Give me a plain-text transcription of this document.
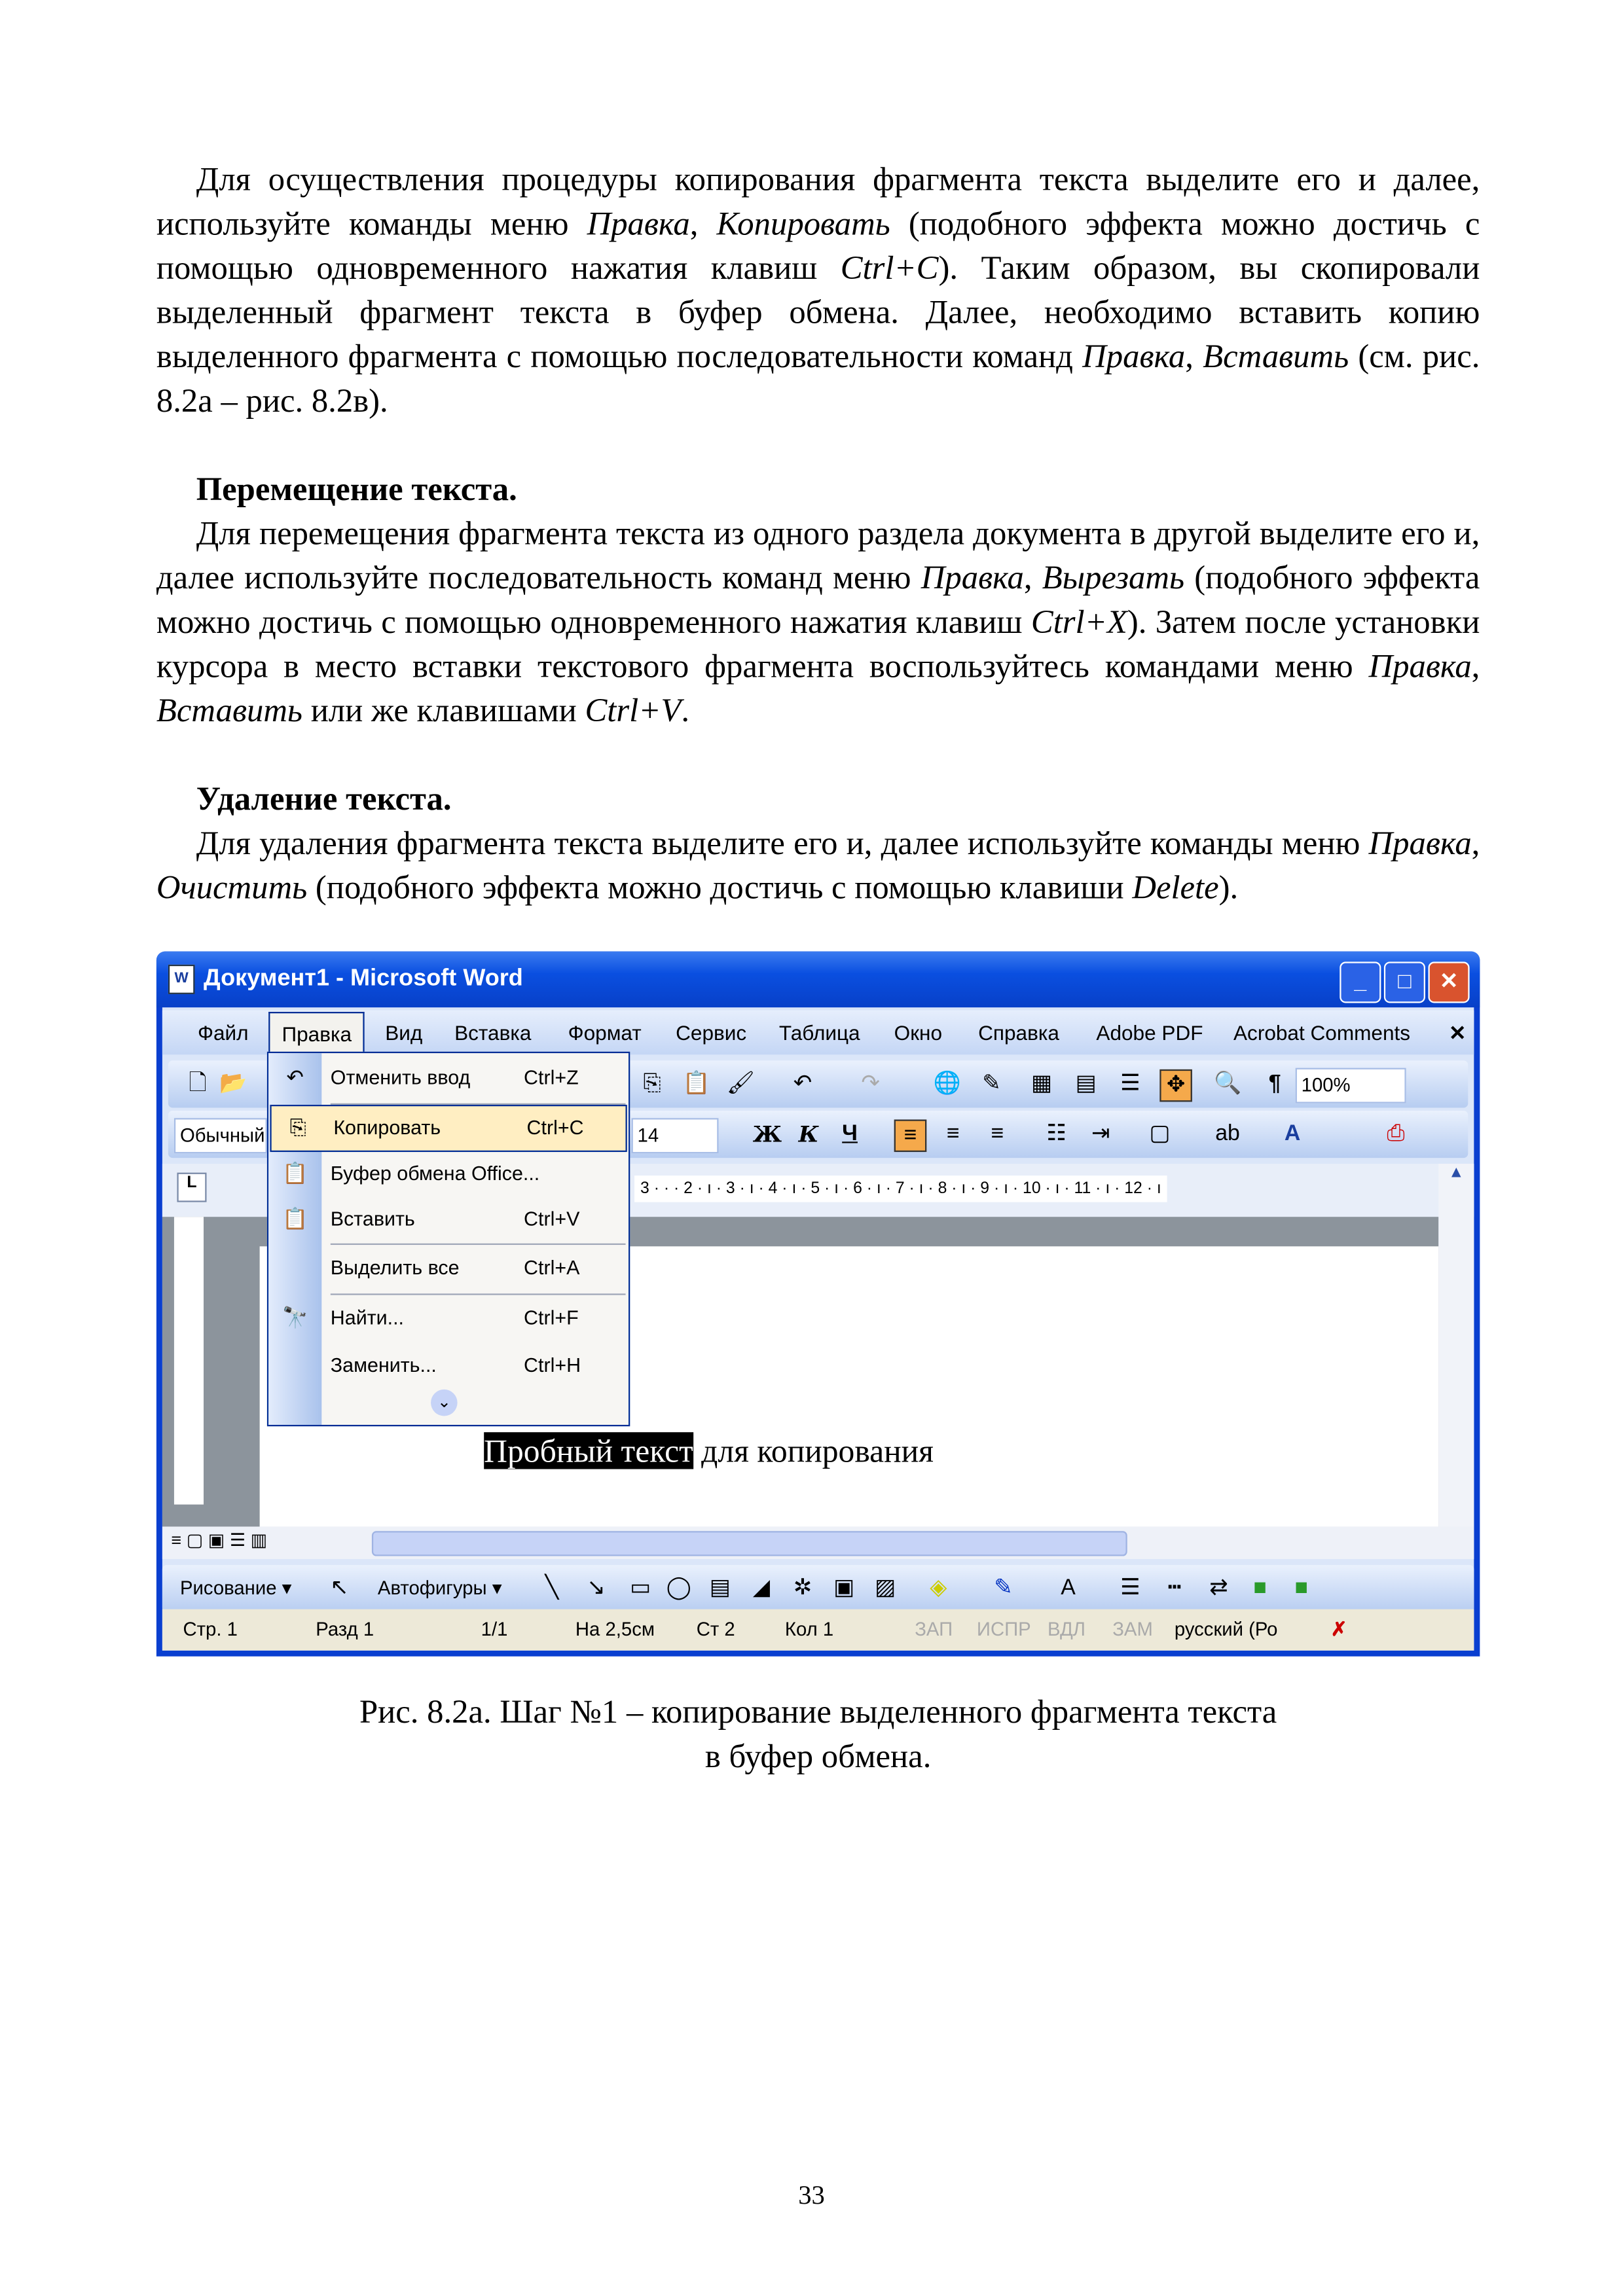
Для осуществления процедуры копирования фрагмента текста выделите его и далее, используйте команды меню Правка, Копировать (подобного эффекта можно достичь с помощью одновременного нажатия клавиш Ctrl+C). Таким образом, вы скопировали выделенный фрагмент текста в буфер обмена. Далее, необходимо вставить копию выделенного фрагмента с помощью последовательности команд Правка, Вставить (см. рис. 8.2а – рис. 8.2в).

Перемещение текста.

Для перемещения фрагмента текста из одного раздела документа в другой выделите его и, далее используйте последовательность команд меню Правка, Вырезать (подобного эффекта можно достичь с помощью одновременного нажатия клавиш Ctrl+X). Затем после установки курсора в место вставки текстового фрагмента воспользуйтесь командами меню Правка, Вставить или же клавишами Ctrl+V.

Удаление текста.

Для удаления фрагмента текста выделите его и, далее используйте команды меню Правка, Очистить (подобного эффекта можно достичь с помощью клавиши Delete).

W	Документ1 - Microsoft Word	_	□	✕
Файл	Правка	Вид	Вставка	Формат	Сервис	Таблица	Окно	Справка	Adobe PDF	Acrobat Comments	✕
🗋	📂	⎘	📋 🖌	↶	↷	🌐	✎	▦	▤	☰	✥	🔍	¶	100%
Обычный	14	Ж	К	Ч	≡	≡	≡	☷	⇥	▢	ab	A	⎙
L	3 · · · 2 · ı · 3 · ı · 4 · ı · 5 · ı · 6 · ı · 7 · ı · 8 · ı · 9 · ı · 10 · ı · 11 · ı · 12 · ı
Пробный текст для копирования
▲
≡ ▢ ▣ ☰ ▥
Рисование ▾	↖	Автофигуры ▾	╲	↘	▭	◯	▤	◢	✲	▣	▨	◈	✎	A	☰	┅	⇄	■	■
Стр. 1	Разд 1	1/1	На 2,5см	Ст 2	Кол 1	ЗАП	ИСПР ВДЛ	ЗАМ	русский (Ро	✗
↶	Отменить ввод	Ctrl+Z
⎘	Копировать	Ctrl+C
📋	Буфер обмена Office...
📋	Вставить	Ctrl+V
Выделить все	Ctrl+A
🔭	Найти...	Ctrl+F
Заменить...	Ctrl+H
⌄
Рис. 8.2а. Шаг №1 – копирование выделенного фрагмента текста в буфер обмена.
33
